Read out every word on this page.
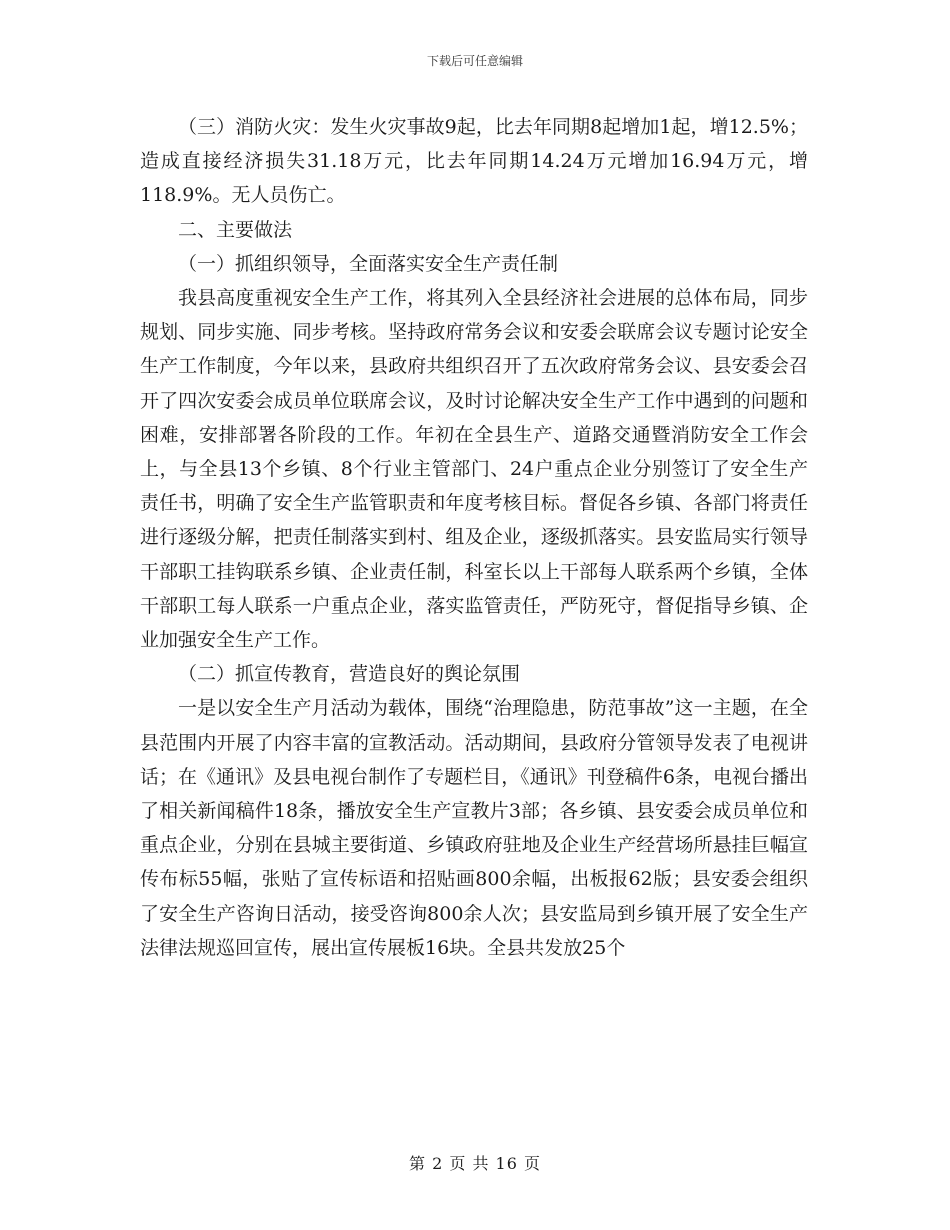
下载后可任意编辑

（三）消防火灾：发生火灾事故9起，比去年同期8起增加1起，增12.5%；造成直接经济损失31.18万元，比去年同期14.24万元增加16.94万元，增118.9%。无人员伤亡。

二、主要做法

（一）抓组织领导，全面落实安全生产责任制

我县高度重视安全生产工作，将其列入全县经济社会进展的总体布局，同步规划、同步实施、同步考核。坚持政府常务会议和安委会联席会议专题讨论安全生产工作制度，今年以来，县政府共组织召开了五次政府常务会议、县安委会召开了四次安委会成员单位联席会议，及时讨论解决安全生产工作中遇到的问题和困难，安排部署各阶段的工作。年初在全县生产、道路交通暨消防安全工作会上，与全县13个乡镇、8个行业主管部门、24户重点企业分别签订了安全生产责任书，明确了安全生产监管职责和年度考核目标。督促各乡镇、各部门将责任进行逐级分解，把责任制落实到村、组及企业，逐级抓落实。县安监局实行领导干部职工挂钩联系乡镇、企业责任制，科室长以上干部每人联系两个乡镇，全体干部职工每人联系一户重点企业，落实监管责任，严防死守，督促指导乡镇、企业加强安全生产工作。

（二）抓宣传教育，营造良好的舆论氛围

一是以安全生产月活动为载体，围绕“治理隐患，防范事故”这一主题，在全县范围内开展了内容丰富的宣教活动。活动期间，县政府分管领导发表了电视讲话；在《通讯》及县电视台制作了专题栏目，《通讯》刊登稿件6条，电视台播出了相关新闻稿件18条，播放安全生产宣教片3部；各乡镇、县安委会成员单位和重点企业，分别在县城主要街道、乡镇政府驻地及企业生产经营场所悬挂巨幅宣传布标55幅，张贴了宣传标语和招贴画800余幅，出板报62版；县安委会组织了安全生产咨询日活动，接受咨询800余人次；县安监局到乡镇开展了安全生产法律法规巡回宣传，展出宣传展板16块。全县共发放25个

第 2 页 共 16 页
